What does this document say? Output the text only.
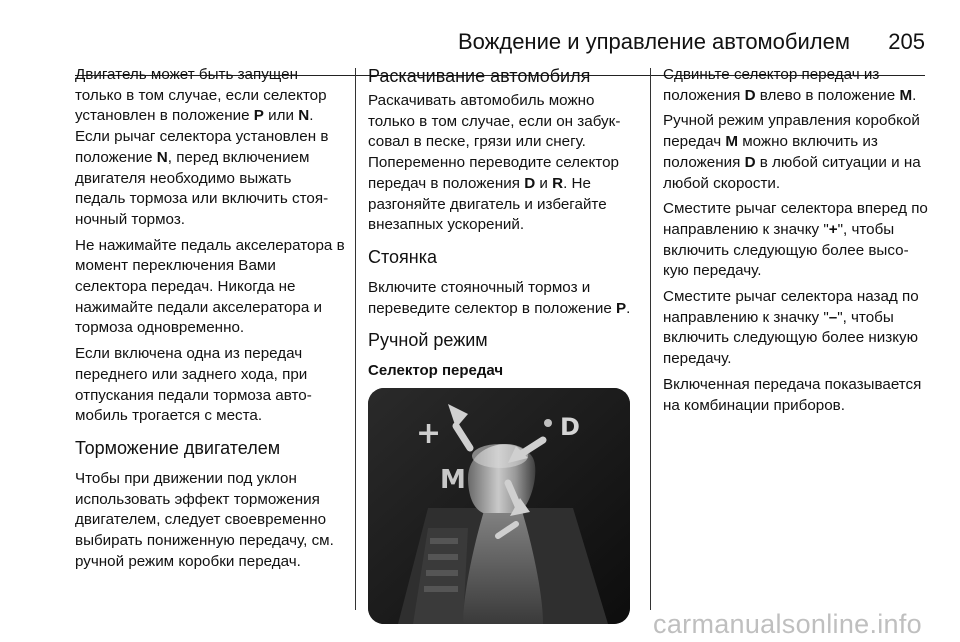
Вождение и управление автомобилем 205

Двигатель может быть запущен только в том случае, если селектор установлен в положение P или N. Если рычаг селектора установлен в положение N, перед включением двигателя необходимо выжать педаль тормоза или включить стояночный тормоз.

Не нажимайте педаль акселератора в момент переключения Вами селектора передач. Никогда не нажимайте педали акселератора и тормоза одновременно.

Если включена одна из передач переднего или заднего хода, при отпускания педали тормоза автомобиль трогается с места.

Торможение двигателем

Чтобы при движении под уклон использовать эффект торможения двигателем, следует своевременно выбирать пониженную передачу, см. ручной режим коробки передач.

Раскачивание автомобиля

Раскачивать автомобиль можно только в том случае, если он забуксовал в песке, грязи или снегу. Попеременно переводите селектор передач в положения D и R. Не разгоняйте двигатель и избегайте внезапных ускорений.

Стоянка

Включите стояночный тормоз и переведите селектор в положение P.

Ручной режим
Селектор передач
+	D
M

Сдвиньте селектор передач из положения D влево в положение M.

Ручной режим управления коробкой передач M можно включить из положения D в любой ситуации и на любой скорости.

Сместите рычаг селектора вперед по направлению к значку "+", чтобы включить следующую более высокую передачу.

Сместите рычаг селектора назад по направлению к значку "–", чтобы включить следующую более низкую передачу.

Включенная передача показывается на комбинации приборов.

carmanualsonline.info
